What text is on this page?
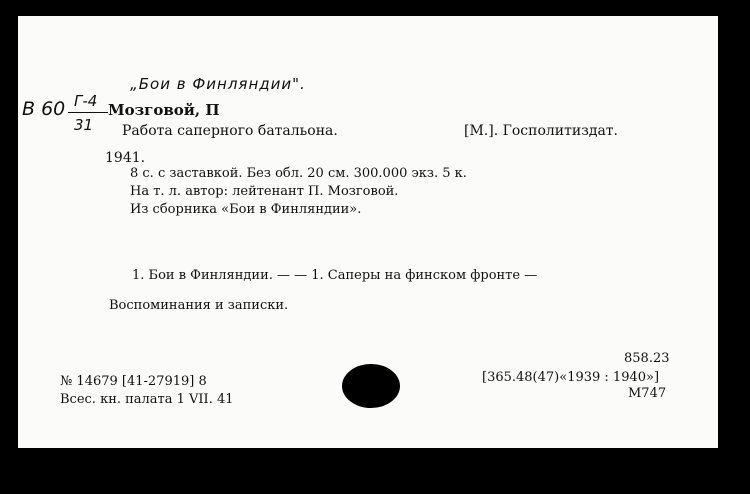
„Бои в Финляндии".
В 60 Г-4
31
Мозговой, П
Работа саперного батальона.	[М.]. Госполитиздат.
1941.
8 с. с заставкой. Без обл. 20 см. 300.000 экз. 5 к.
На т. л. автор: лейтенант П. Мозговой.
Из сборника «Бои в Финляндии».
1. Бои в Финляндии. — — 1. Саперы на финском фронте —
Воспоминания и записки.
№ 14679 [41-27919] 8
Всес. кн. палата 1 VII. 41
858.23
[365.48(47)«1939 : 1940»]
М747
